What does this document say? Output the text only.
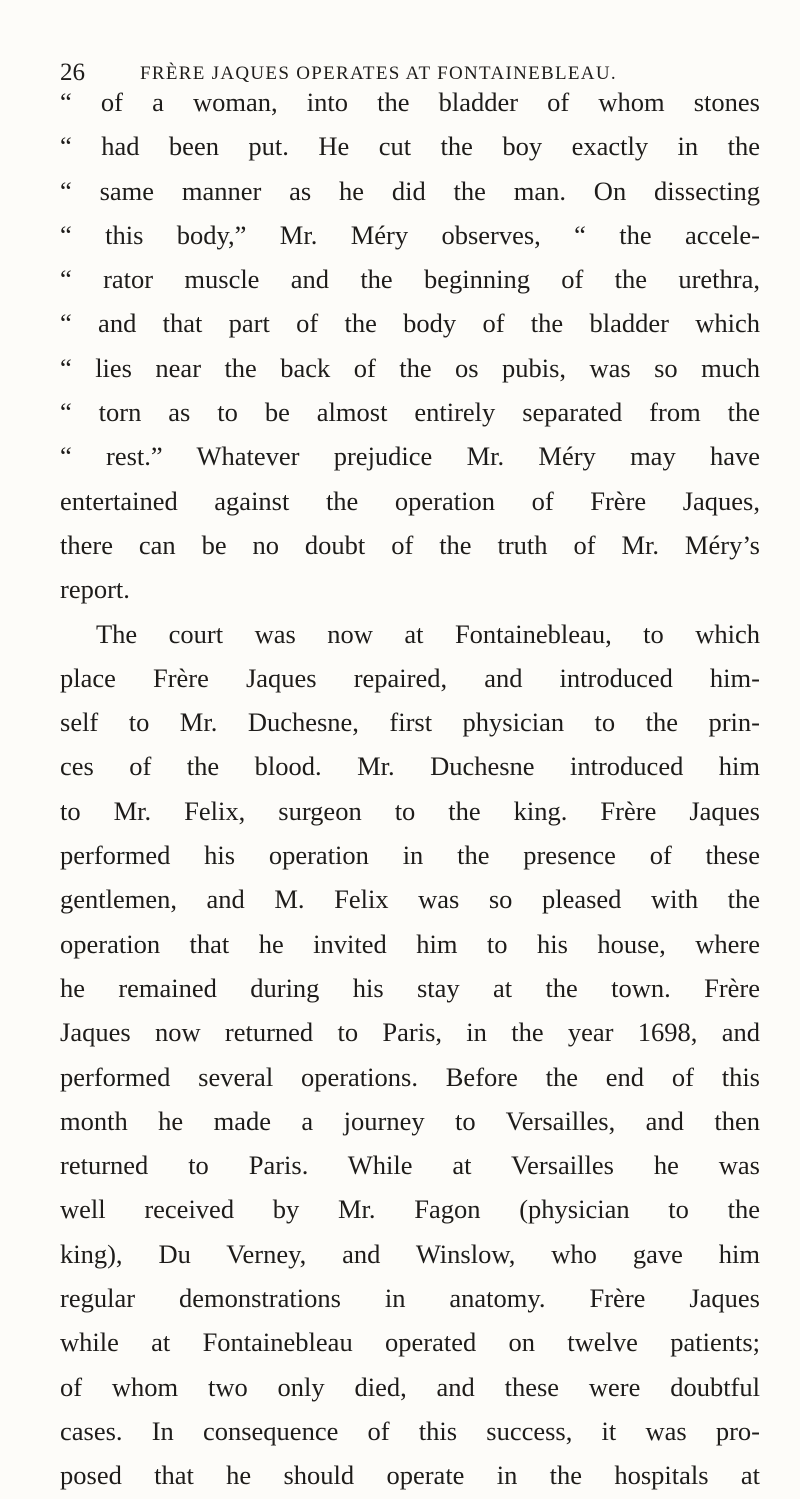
26	FRÈRE JAQUES OPERATES AT FONTAINEBLEAU.
“ of a woman, into the bladder of whom stones
“ had been put. He cut the boy exactly in the
“ same manner as he did the man. On dissecting
“ this body,” Mr. Méry observes, “ the accele-
“ rator muscle and the beginning of the urethra,
“ and that part of the body of the bladder which
“ lies near the back of the os pubis, was so much
“ torn as to be almost entirely separated from the
“ rest.” Whatever prejudice Mr. Méry may have
entertained against the operation of Frère Jaques,
there can be no doubt of the truth of Mr. Méry’s
report.
The court was now at Fontainebleau, to which
place Frère Jaques repaired, and introduced him-
self to Mr. Duchesne, first physician to the prin-
ces of the blood. Mr. Duchesne introduced him
to Mr. Felix, surgeon to the king. Frère Jaques
performed his operation in the presence of these
gentlemen, and M. Felix was so pleased with the
operation that he invited him to his house, where
he remained during his stay at the town. Frère
Jaques now returned to Paris, in the year 1698, and
performed several operations. Before the end of this
month he made a journey to Versailles, and then
returned to Paris. While at Versailles he was
well received by Mr. Fagon (physician to the
king), Du Verney, and Winslow, who gave him
regular demonstrations in anatomy. Frère Jaques
while at Fontainebleau operated on twelve patients;
of whom two only died, and these were doubtful
cases. In consequence of this success, it was pro-
posed that he should operate in the hospitals at
